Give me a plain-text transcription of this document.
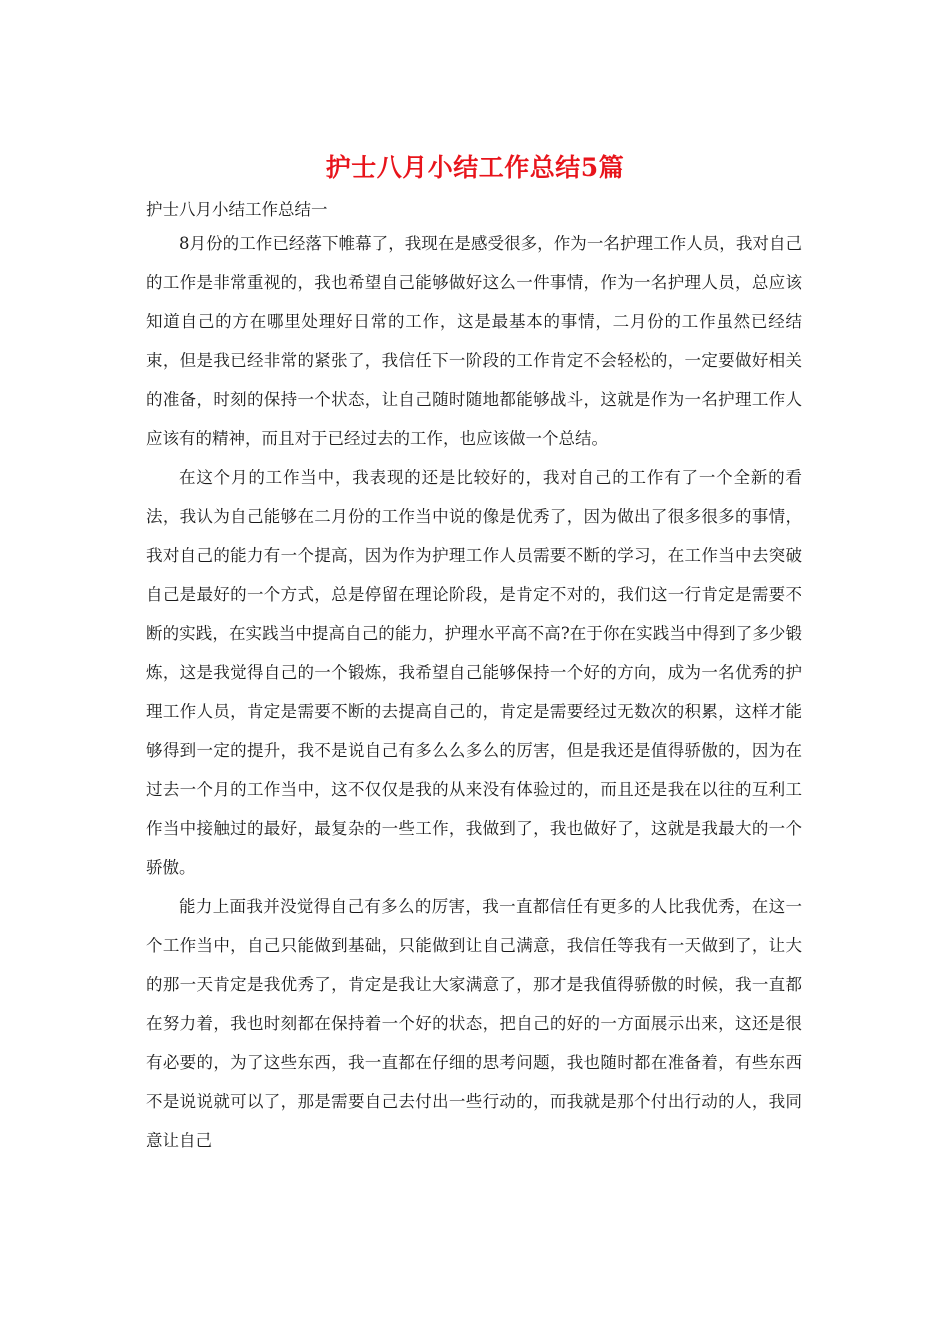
护士八月小结工作总结5篇

护士八月小结工作总结一

8月份的工作已经落下帷幕了，我现在是感受很多，作为一名护理工作人员，我对自己的工作是非常重视的，我也希望自己能够做好这么一件事情，作为一名护理人员，总应该知道自己的方在哪里处理好日常的工作，这是最基本的事情，二月份的工作虽然已经结束，但是我已经非常的紧张了，我信任下一阶段的工作肯定不会轻松的，一定要做好相关的准备，时刻的保持一个状态，让自己随时随地都能够战斗，这就是作为一名护理工作人应该有的精神，而且对于已经过去的工作，也应该做一个总结。

在这个月的工作当中，我表现的还是比较好的，我对自己的工作有了一个全新的看法，我认为自己能够在二月份的工作当中说的像是优秀了，因为做出了很多很多的事情，我对自己的能力有一个提高，因为作为护理工作人员需要不断的学习，在工作当中去突破自己是最好的一个方式，总是停留在理论阶段，是肯定不对的，我们这一行肯定是需要不断的实践，在实践当中提高自己的能力，护理水平高不高?在于你在实践当中得到了多少锻炼，这是我觉得自己的一个锻炼，我希望自己能够保持一个好的方向，成为一名优秀的护理工作人员，肯定是需要不断的去提高自己的，肯定是需要经过无数次的积累，这样才能够得到一定的提升，我不是说自己有多么么多么的厉害，但是我还是值得骄傲的，因为在过去一个月的工作当中，这不仅仅是我的从来没有体验过的，而且还是我在以往的互利工作当中接触过的最好，最复杂的一些工作，我做到了，我也做好了，这就是我最大的一个骄傲。

能力上面我并没觉得自己有多么的厉害，我一直都信任有更多的人比我优秀，在这一个工作当中，自己只能做到基础，只能做到让自己满意，我信任等我有一天做到了，让大的那一天肯定是我优秀了，肯定是我让大家满意了，那才是我值得骄傲的时候，我一直都在努力着，我也时刻都在保持着一个好的状态，把自己的好的一方面展示出来，这还是很有必要的，为了这些东西，我一直都在仔细的思考问题，我也随时都在准备着，有些东西不是说说就可以了，那是需要自己去付出一些行动的，而我就是那个付出行动的人，我同意让自己
